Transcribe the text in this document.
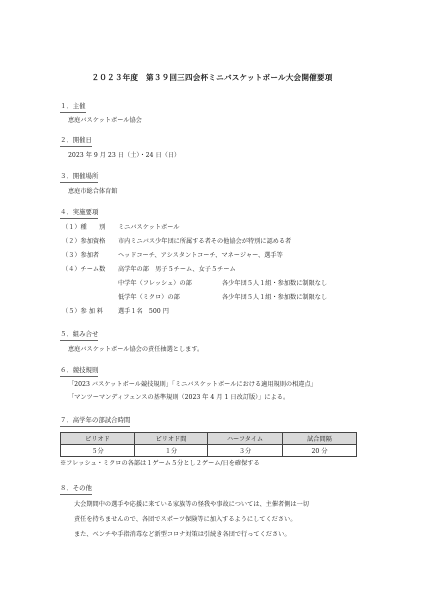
２０２３年度　第３９回三四会杯ミニバスケットボール大会開催要項
１．主催
恵庭バスケットボール協会
２．開催日
2023 年 9 月 23 日（土）・24 日（日）
３．開催場所
恵庭市総合体育館
４．実施要項
（１）種　　別 ミニバスケットボール
（２）参加資格 市内ミニバス少年団に所属する者その他協会が特別に認める者
（３）参加者	ヘッドコーチ、アシスタントコーチ、マネージャー、選手等
（４）チーム数 高学年の部　男子５チーム、女子５チーム
中学年（フレッシュ）の部	各少年団５人１組・参加数に制限なし
低学年（ミクロ）の部	各少年団５人１組・参加数に制限なし
（５）参 加 料 選手１名　500 円
５．組み合せ
恵庭バスケットボール協会の責任抽選とします。
６．競技規則
「2023 バスケットボール競技規則」「ミニバスケットボールにおける適用規則の相違点」
「マンツーマンディフェンスの基準規則（2023 年 4 月 1 日改訂版）」による。
７．高学年の部試合時間
ピリオド	ピリオド間	ハーフタイム	試合間隔
５分	１分	３分	20 分
※フレッシュ・ミクロの各部は１ゲーム５分とし２ゲーム/日を確保する
８．その他
大会期間中の選手や応援に来ている家族等の怪我や事故については、主催者側は一切
責任を持ちませんので、各団でスポーツ保険等に加入するようにしてください。
また、ベンチや手指消毒など新型コロナ対策は引続き各団で行ってください。
